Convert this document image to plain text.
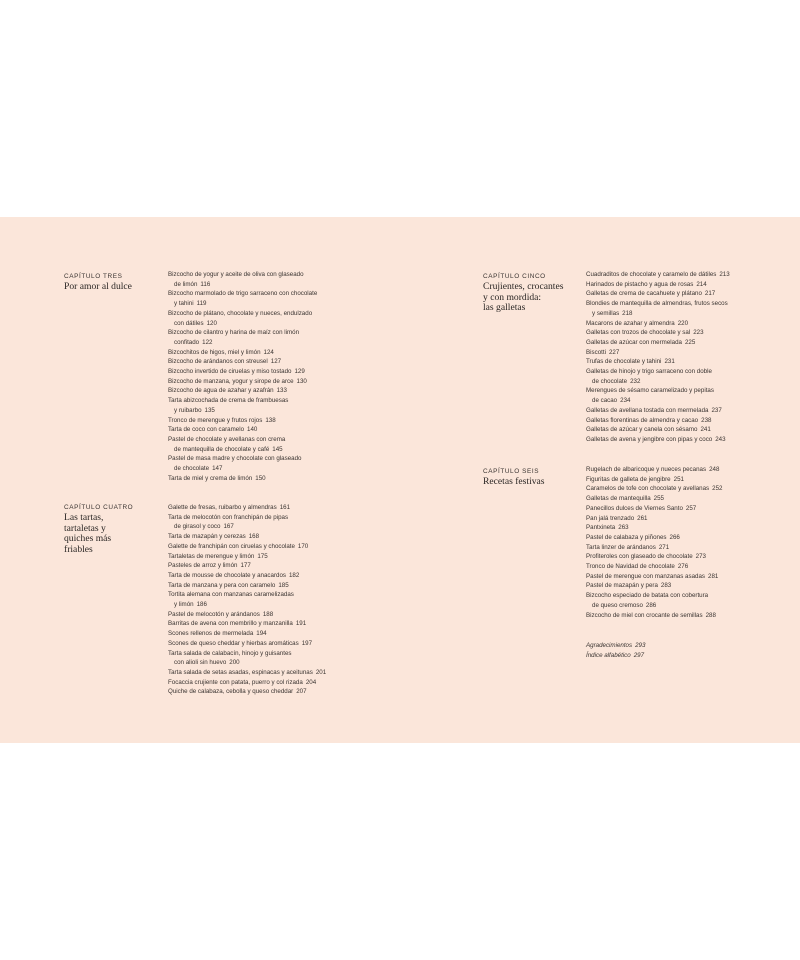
CAPÍTULO TRES
Por amor al dulce
Bizcocho de yogur y aceite de oliva con glaseado
de limón 116
Bizcocho marmolado de trigo sarraceno con chocolate
y tahini 119
Bizcocho de plátano, chocolate y nueces, endulzado
con dátiles 120
Bizcocho de cilantro y harina de maíz con limón
confitado 122
Bizcochitos de higos, miel y limón 124
Bizcocho de arándanos con streusel 127
Bizcocho invertido de ciruelas y miso tostado 129
Bizcocho de manzana, yogur y sirope de arce 130
Bizcocho de agua de azahar y azafrán 133
Tarta abizcochada de crema de frambuesas
y ruibarbo 135
Tronco de merengue y frutos rojos 138
Tarta de coco con caramelo 140
Pastel de chocolate y avellanas con crema
de mantequilla de chocolate y café 145
Pastel de masa madre y chocolate con glaseado
de chocolate 147
Tarta de miel y crema de limón 150
CAPÍTULO CUATRO
Las tartas,
tartaletas y
quiches más
friables
Galette de fresas, ruibarbo y almendras 161
Tarta de melocotón con franchipán de pipas
de girasol y coco 167
Tarta de mazapán y cerezas 168
Galette de franchipán con ciruelas y chocolate 170
Tartaletas de merengue y limón 175
Pasteles de arroz y limón 177
Tarta de mousse de chocolate y anacardos 182
Tarta de manzana y pera con caramelo 185
Tortita alemana con manzanas caramelizadas
y limón 186
Pastel de melocotón y arándanos 188
Barritas de avena con membrillo y manzanilla 191
Scones rellenos de mermelada 194
Scones de queso cheddar y hierbas aromáticas 197
Tarta salada de calabacín, hinojo y guisantes
con alioli sin huevo 200
Tarta salada de setas asadas, espinacas y aceitunas 201
Focaccia crujiente con patata, puerro y col rizada 204
Quiche de calabaza, cebolla y queso cheddar 207
CAPÍTULO CINCO
Crujientes, crocantes
y con mordida:
las galletas
Cuadraditos de chocolate y caramelo de dátiles 213
Harinados de pistacho y agua de rosas 214
Galletas de crema de cacahuete y plátano 217
Blondies de mantequilla de almendras, frutos secos
y semillas 218
Macarons de azahar y almendra 220
Galletas con trozos de chocolate y sal 223
Galletas de azúcar con mermelada 225
Biscotti 227
Trufas de chocolate y tahini 231
Galletas de hinojo y trigo sarraceno con doble
de chocolate 232
Merengues de sésamo caramelizado y pepitas
de cacao 234
Galletas de avellana tostada con mermelada 237
Galletas florentinas de almendra y cacao 238
Galletas de azúcar y canela con sésamo 241
Galletas de avena y jengibre con pipas y coco 243
CAPÍTULO SEIS
Recetas festivas
Rugelach de albaricoque y nueces pecanas 248
Figuritas de galleta de jengibre 251
Caramelos de tofe con chocolate y avellanas 252
Galletas de mantequilla 255
Panecillos dulces de Viernes Santo 257
Pan jalá trenzado 261
Pantxineta 263
Pastel de calabaza y piñones 266
Tarta linzer de arándanos 271
Profiteroles con glaseado de chocolate 273
Tronco de Navidad de chocolate 276
Pastel de merengue con manzanas asadas 281
Pastel de mazapán y pera 283
Bizcocho especiado de batata con cobertura
de queso cremoso 286
Bizcocho de miel con crocante de semillas 288
Agradecimientos 293
Índice alfabético 297
